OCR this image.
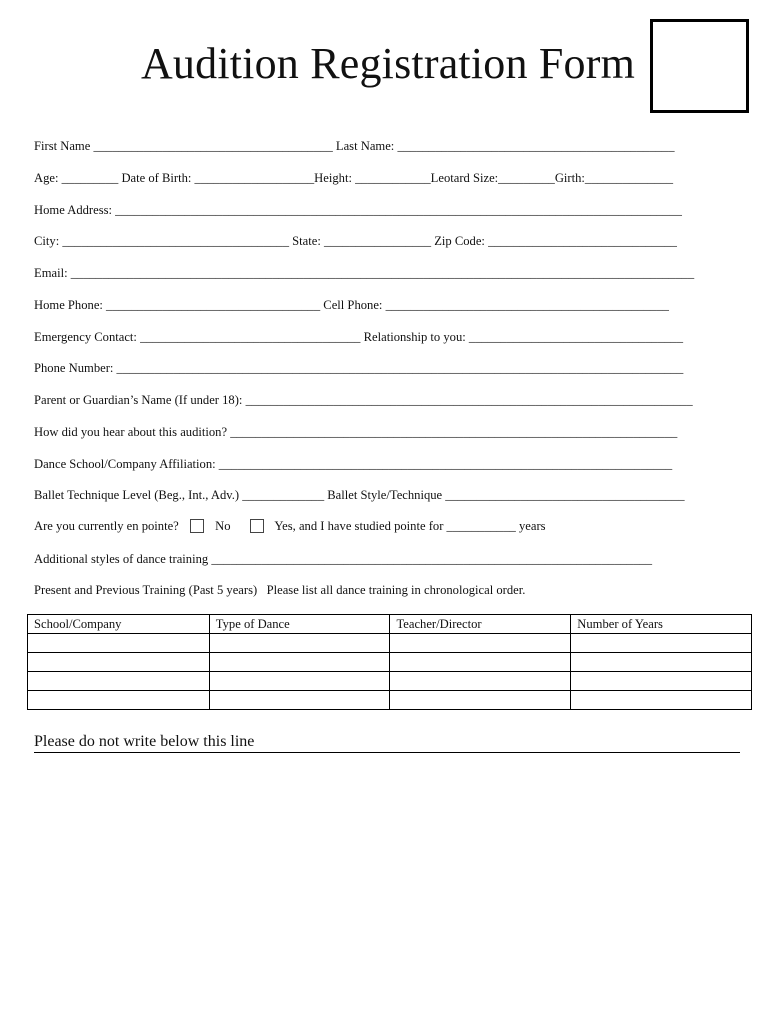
Audition Registration Form
First Name ______________________________________ Last Name: ____________________________________________
Age: _________ Date of Birth: ___________________Height: ____________Leotard Size:_________Girth:______________
Home Address: __________________________________________________________________________________________
City: ____________________________________ State: _________________ Zip Code: ______________________________
Email: ___________________________________________________________________________________________________
Home Phone: __________________________________ Cell Phone: _____________________________________________
Emergency Contact: ___________________________________ Relationship to you: __________________________________
Phone Number: __________________________________________________________________________________________
Parent or Guardian’s Name (If under 18): _______________________________________________________________________
How did you hear about this audition? _______________________________________________________________________
Dance School/Company Affiliation: ________________________________________________________________________
Ballet Technique Level (Beg., Int., Adv.) _____________ Ballet Style/Technique ______________________________________
Are you currently en pointe?	No	Yes, and I have studied pointe for ___________ years
Additional styles of dance training ______________________________________________________________________
Present and Previous Training (Past 5 years)   Please list all dance training in chronological order.
School/Company	Type of Dance	Teacher/Director	Number of Years

Please do not write below this line
